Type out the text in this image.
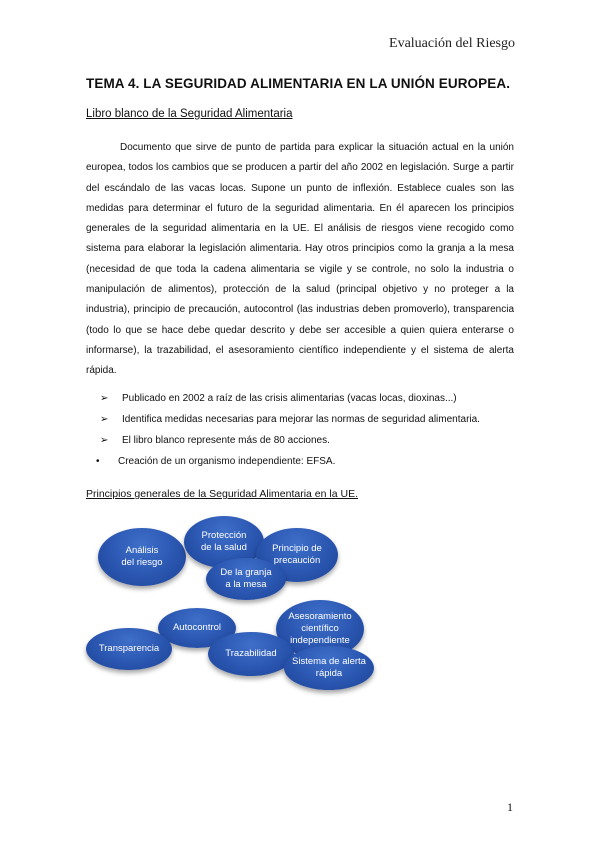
Evaluación del Riesgo
TEMA 4. LA SEGURIDAD ALIMENTARIA EN LA UNIÓN EUROPEA.
Libro blanco de la Seguridad Alimentaria
Documento que sirve de punto de partida para explicar la situación actual en la unión europea, todos los cambios que se producen a partir del año 2002 en legislación. Surge a partir del escándalo de las vacas locas. Supone un punto de inflexión. Establece cuales son las medidas para determinar el futuro de la seguridad alimentaria. En él aparecen los principios generales de la seguridad alimentaria en la UE. El análisis de riesgos viene recogido como sistema para elaborar la legislación alimentaria. Hay otros principios como la granja a la mesa (necesidad de que toda la cadena alimentaria se vigile y se controle, no solo la industria o manipulación de alimentos), protección de la salud (principal objetivo y no proteger a la industria), principio de precaución, autocontrol (las industrias deben promoverlo), transparencia (todo lo que se hace debe quedar descrito y debe ser accesible a quien quiera enterarse o informarse), la trazabilidad, el asesoramiento científico independiente y el sistema de alerta rápida.
➢ Publicado en 2002 a raíz de las crisis alimentarias (vacas locas, dioxinas...)
➢ Identifica medidas necesarias para mejorar las normas de seguridad alimentaria.
➢ El libro blanco represente más de 80 acciones.
• Creación de un organismo independiente: EFSA.
Principios generales de la Seguridad Alimentaria en la UE.
Análisis
del riesgo
Protección
de la salud	Principio de
precaución
De la granja
a la mesa
Autocontrol
Asesoramiento
científico
independiente
Transparencia	Trazabilidad
Sistema de alerta
rápida
1
